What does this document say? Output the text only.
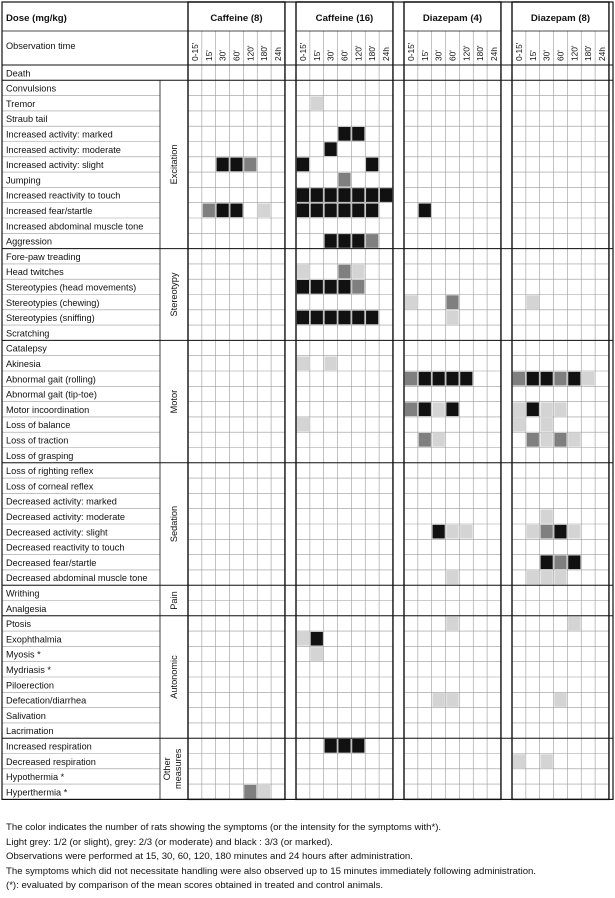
Death
Convulsions
Tremor
Straub tail
Increased activity: marked
Increased activity: moderate
Increased activity: slight
Jumping
Increased reactivity to touch
Increased fear/startle
Increased abdominal muscle tone
Aggression
Excitation
Fore-paw treading
Head twitches
Stereotypies (head movements)
Stereotypies (chewing)
Stereotypies (sniffing)
Scratching
Stereotypy
Catalepsy
Akinesia
Abnormal gait (rolling)
Abnormal gait (tip-toe)
Motor incoordination
Loss of balance
Loss of traction
Loss of grasping
Motor
Loss of righting reflex
Loss of corneal reflex
Decreased activity: marked
Decreased activity: moderate
Decreased activity: slight
Decreased reactivity to touch
Decreased fear/startle
Decreased abdominal muscle tone
Sedation
Writhing
Analgesia	Pain
Ptosis
Exophthalmia
Myosis *
Mydriasis *
Piloerection
Defecation/diarrhea
Salivation
Lacrimation
Autonomic
Increased respiration
Decreased respiration
Hypothermia *
Hyperthermia *
Other measures
Dose (mg/kg)
Observation time
Caffeine (8)
0-15' 15' 30' 60' 120' 180' 24h
Caffeine (16)
0-15' 15' 30' 60' 120' 180' 24h
Diazepam (4)
0-15' 15' 30' 60' 120' 180' 24h
Diazepam (8)
0-15' 15' 30' 60' 120' 180' 24h
The color indicates the number of rats showing the symptoms (or the intensity for the symptoms with*).
Light grey: 1/2 (or slight), grey: 2/3 (or moderate) and black : 3/3 (or marked).
Observations were performed at 15, 30, 60, 120, 180 minutes and 24 hours after administration.
The symptoms which did not necessitate handling were also observed up to 15 minutes immediately following administration.
(*): evaluated by comparison of the mean scores obtained in treated and control animals.
